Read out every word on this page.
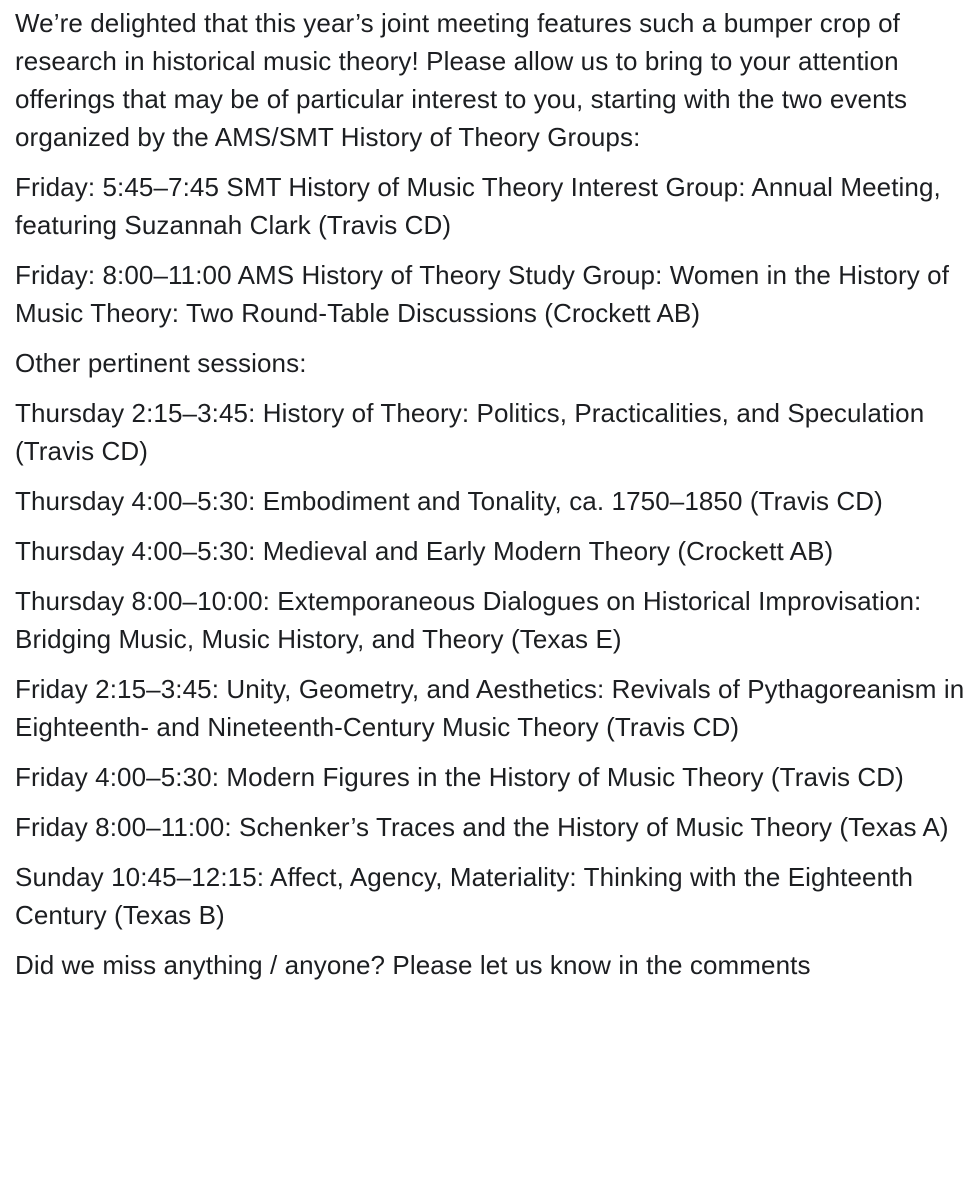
We’re delighted that this year’s joint meeting features such a bumper crop of research in historical music theory! Please allow us to bring to your attention offerings that may be of particular interest to you, starting with the two events organized by the AMS/SMT History of Theory Groups:

Friday: 5:45–7:45 SMT History of Music Theory Interest Group: Annual Meeting, featuring Suzannah Clark (Travis CD)

Friday: 8:00–11:00 AMS History of Theory Study Group: Women in the History of Music Theory: Two Round-Table Discussions (Crockett AB)

Other pertinent sessions:

Thursday 2:15–3:45: History of Theory: Politics, Practicalities, and Speculation (Travis CD)

Thursday 4:00–5:30: Embodiment and Tonality, ca. 1750–1850 (Travis CD)

Thursday 4:00–5:30: Medieval and Early Modern Theory (Crockett AB)

Thursday 8:00–10:00: Extemporaneous Dialogues on Historical Improvisation: Bridging Music, Music History, and Theory (Texas E)

Friday 2:15–3:45: Unity, Geometry, and Aesthetics: Revivals of Pythagoreanism in Eighteenth- and Nineteenth-Century Music Theory (Travis CD)

Friday 4:00–5:30: Modern Figures in the History of Music Theory (Travis CD)

Friday 8:00–11:00: Schenker’s Traces and the History of Music Theory (Texas A)

Sunday 10:45–12:15: Affect, Agency, Materiality: Thinking with the Eighteenth Century (Texas B)

Did we miss anything / anyone? Please let us know in the comments
